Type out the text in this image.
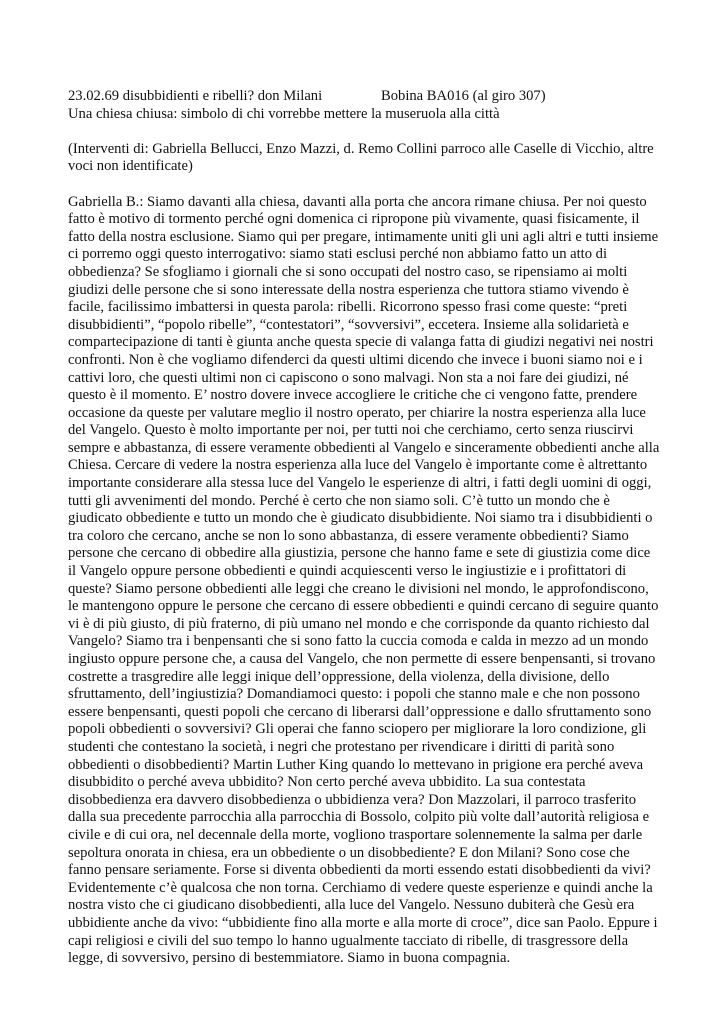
23.02.69 disubbidienti e ribelli? don Milani	Bobina BA016 (al giro 307)
Una chiesa chiusa: simbolo di chi vorrebbe mettere la museruola alla città

(Interventi di: Gabriella Bellucci, Enzo Mazzi, d. Remo Collini parroco alle Caselle di Vicchio, altre voci non identificate)

Gabriella B.: Siamo davanti alla chiesa, davanti alla porta che ancora rimane chiusa. Per noi questo fatto è motivo di tormento perché ogni domenica ci ripropone più vivamente, quasi fisicamente, il fatto della nostra esclusione. Siamo qui per pregare, intimamente uniti gli uni agli altri e tutti insieme ci porremo oggi questo interrogativo: siamo stati esclusi perché non abbiamo fatto un atto di obbedienza? Se sfogliamo i giornali che si sono occupati del nostro caso, se ripensiamo ai molti giudizi delle persone che si sono interessate della nostra esperienza che tuttora stiamo vivendo è facile, facilissimo imbattersi in questa parola: ribelli. Ricorrono spesso frasi come queste: “preti disubbidienti”, “popolo ribelle”, “contestatori”, “sovversivi”, eccetera. Insieme alla solidarietà e compartecipazione di tanti è giunta anche questa specie di valanga fatta di giudizi negativi nei nostri confronti. Non è che vogliamo difenderci da questi ultimi dicendo che invece i buoni siamo noi e i cattivi loro, che questi ultimi non ci capiscono o sono malvagi. Non sta a noi fare dei giudizi, né questo è il momento. E’ nostro dovere invece accogliere le critiche che ci vengono fatte, prendere occasione da queste per valutare meglio il nostro operato, per chiarire la nostra esperienza alla luce del Vangelo. Questo è molto importante per noi, per tutti noi che cerchiamo, certo senza riuscirvi sempre e abbastanza, di essere veramente obbedienti al Vangelo e sinceramente obbedienti anche alla Chiesa. Cercare di vedere la nostra esperienza alla luce del Vangelo è importante come è altrettanto importante considerare alla stessa luce del Vangelo le esperienze di altri, i fatti degli uomini di oggi, tutti gli avvenimenti del mondo. Perché è certo che non siamo soli. C’è tutto un mondo che è giudicato obbediente e tutto un mondo che è giudicato disubbidiente. Noi siamo tra i disubbidienti o tra coloro che cercano, anche se non lo sono abbastanza, di essere veramente obbedienti? Siamo persone che cercano di obbedire alla giustizia, persone che hanno fame e sete di giustizia come dice il Vangelo oppure persone obbedienti e quindi acquiescenti verso le ingiustizie e i profittatori di queste? Siamo persone obbedienti alle leggi che creano le divisioni nel mondo, le approfondiscono, le mantengono oppure le persone che cercano di essere obbedienti e quindi cercano di seguire quanto vi è di più giusto, di più fraterno, di più umano nel mondo e che corrisponde da quanto richiesto dal Vangelo? Siamo tra i benpensanti che si sono fatto la cuccia comoda e calda in mezzo ad un mondo ingiusto oppure persone che, a causa del Vangelo, che non permette di essere benpensanti, si trovano costrette a trasgredire alle leggi inique dell’oppressione, della violenza, della divisione, dello sfruttamento, dell’ingiustizia? Domandiamoci questo: i popoli che stanno male e che non possono essere benpensanti, questi popoli che cercano di liberarsi dall’oppressione e dallo sfruttamento sono popoli obbedienti o sovversivi? Gli operai che fanno sciopero per migliorare la loro condizione, gli studenti che contestano la società, i negri che protestano per rivendicare i diritti di parità sono obbedienti o disobbedienti? Martin Luther King quando lo mettevano in prigione era perché aveva disubbidito o perché aveva ubbidito? Non certo perché aveva ubbidito. La sua contestata disobbedienza era davvero disobbedienza o ubbidienza vera? Don Mazzolari, il parroco trasferito dalla sua precedente parrocchia alla parrocchia di Bossolo, colpito più volte dall’autorità religiosa e civile e di cui ora, nel decennale della morte, vogliono trasportare solennemente la salma per darle sepoltura onorata in chiesa, era un obbediente o un disobbediente? E don Milani? Sono cose che fanno pensare seriamente. Forse si diventa obbedienti da morti essendo estati disobbedienti da vivi? Evidentemente c’è qualcosa che non torna. Cerchiamo di vedere queste esperienze e quindi anche la nostra visto che ci giudicano disobbedienti, alla luce del Vangelo. Nessuno dubiterà che Gesù era ubbidiente anche da vivo: “ubbidiente fino alla morte e alla morte di croce”, dice san Paolo. Eppure i capi religiosi e civili del suo tempo lo hanno ugualmente tacciato di ribelle, di trasgressore della legge, di sovversivo, persino di bestemmiatore. Siamo in buona compagnia.
